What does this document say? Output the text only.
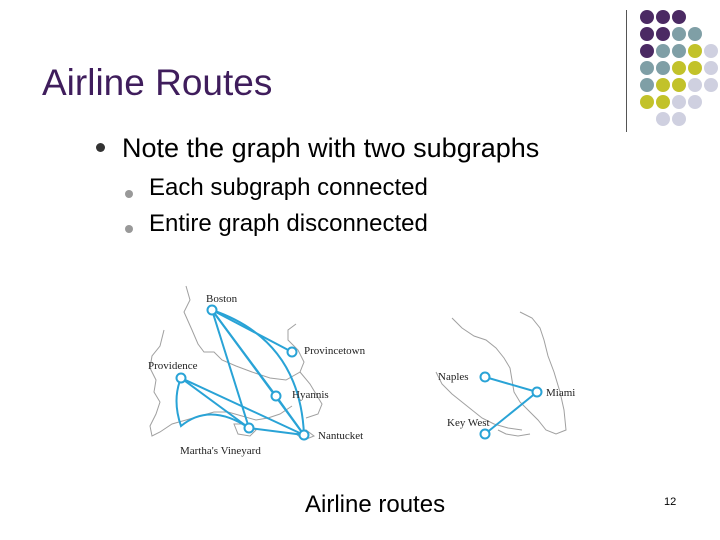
Airline Routes
Note the graph with two subgraphs
Each subgraph connected
Entire graph disconnected
Boston
Provincetown
Providence
Hyannis
Martha's Vineyard
Nantucket
Naples
Miami
Key West
Airline routes	12
